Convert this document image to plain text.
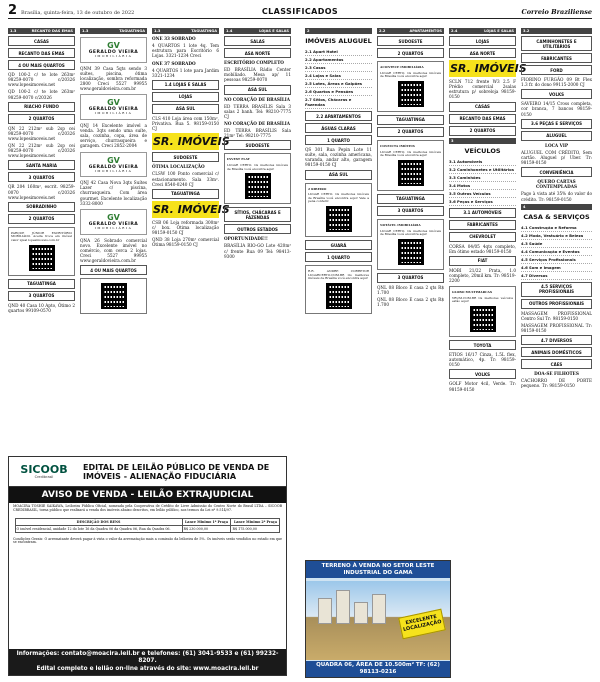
2 Brasília, quinta-feira, 13 de outubro de 2022	CLASSIFICADOS	Correio Braziliense
1.3	RECANTO DAS EMAS
CASAS
RECANTO DAS EMAS
4 OU MAIS QUARTOS

QD 100-2 c/ te lote 263m² 98259-0070 c/20326 www.lopesimoveis.net

QD 100-2 c/ te lote 263m² 98259-0070 c/20326

RIACHO FUNDO
2 QUARTOS

QN 22 212m² sub 2sp cei 98259-0070 c/20326 www.lopesimoveis.net

QN 22 212m² sub 2sp cei 98259-0070 c/20326 www.lopesimoveis.net

SANTA MARIA
3 QUARTOS

QR 204 160m², escrit. 98259-0070 c/20326 www.lopesimoveis.net

SOBRADINHO
2 QUARTOS

PARQUE JÚNIOR ESCRITÓRIO MOBILIÁDO. Aceita troca em imóvel valor igual lopesimoveis.com.br

TAGUATINGA
3 QUARTOS

QND 40 Casa 10 Apto, Ótimo 2 quartos 99109-0570

1.3	TAGUATINGA
GV
GERALDO VIEIRA
IMOBILIÁRIA

QNM 39 Casa 5qts sendo 3 suítes, piscina, ótima localização, sombra reformada 2800 Creci 5527 99955 www.geraldovieira.com.br

GV
GERALDO VIEIRA
IMOBILIÁRIA

QNJ 14 Excelente imóvel a venda. 3qts sendo uma suíte, sala, cozinha, copa, área de serviço, churrasqueira e garagem. Creci 2852-2004

GV
GERALDO VIEIRA
IMOBILIÁRIA

QNJ 42 Casa Nova 3qts Suítes Lazer c/ piscina, churrasqueira. Com área gourmet. Excelente localização 3332-8000

GV
GERALDO VIEIRA
IMOBILIÁRIA

QNA 26 Sobrado comercial novo. Excelente imóvel no comércio, com cerca 2 lojas. Creci 5527 99955 www.geraldovieira.com.br

4 OU MAIS QUARTOS
1.3	TAGUATINGA

ONE 33 SOBRADO

4 QUARTOS 1 lote 4q. Tem estrutura para Escritório 6 Lojas. 3321-1234 Creci

ONE 37 SOBRADO

4 QUARTOS 1 lote para Jardim 3321-1234

1.4 LOJAS E SALAS
LOJAS
ASA SUL

CLS 410 Loja área com 150m², Privativa. Rua 5. 98159-0150 CJ

SR. IMÓVEIS
SUDOESTE

ÓTIMA LOCALIZAÇÃO

CLSW 100 Ponto comercial c/ estacionamento. Sala 33m². Creci 8540-0240 CJ

TAGUATINGA
SR. IMÓVEIS

CSB 06 Loja reformada 300m² c/ box. Ótima localização 98159-0150 CJ

QND 38 Loja 270m² comercial Ótima 98159-0150 CJ

1.4	LOJAS E SALAS
SALAS
ASA NORTE

ESCRITÓRIO COMPLETO

ED BRASÍLIA Rádio Center mobiliado. Mesa ap/ 11 pessoas 98259-0070

ASA SUL

NO CORAÇÃO DE BRASÍLIA

ED TERRA BRASÍLIS Sala 3 salas 2 banh. Tel: 98210-7775 CJ

NO CORAÇÃO DE BRASÍLIA

ED TERRA BRASÍLIS Sala 21m² Tel: 98210-7775

SUDOESTE

INVEST FLAT

LUGAR CERTO. Os melhores imóveis de Brasília você encontra aqui!

SÍTIOS, CHÁCARAS E FAZENDAS
OUTROS ESTADOS

OPORTUNIDADE!!

BRASÍLIA RIO-GO Lote 420m² c/ frente Rua 09 Tel: 98413-9300

2
IMÓVEIS ALUGUEL
2.1 Apart Hotel
2.2 Apartamentos
2.3 Casas
2.4 Lojas e Salas
2.5 Lotes, Áreas e Galpões
2.6 Quartos e Pensões
2.7 Sítios, Chácaras e Fazendas
2.2 APARTAMENTOS
ÁGUAS CLARAS
1 QUARTO

QS 301 Rua Pepin Lote 11 suíte, sala, cozinha americana, varanda, andar alto, garagem 98159-0150 CJ

ASA SUL

2 RIBEIRO

LUGAR CERTO. Os melhores imóveis de Brasília você encontra aqui! Vale a pena conferir.

GUARÁ
1 QUARTO

R.R. ANDRE CORRETOR LUGARCERTO.COM.BR Os melhores imóveis de Brasília você encontra aqui!

2.2	APARTAMENTOS
SUDOESTE
2 QUARTOS

ACONTECE IMOBILIÁRIA

LUGAR CERTO. Os melhores imóveis de Brasília você encontra aqui!

TAGUATINGA
2 QUARTOS

CONVICTA IMÓVEIS

LUGAR CERTO. Os melhores imóveis de Brasília você encontra aqui!

TAGUATINGA
3 QUARTOS

NOTÁVEL IMOBILIÁRIA

LUGAR CERTO. Os melhores imóveis de Brasília você encontra aqui!

3 QUARTOS

QNL 08 Bloco E casa 2 qts R$ 1.700

QNL 08 Bloco E casa 2 qts R$ 1.700

2.4	LOJAS E SALAS
LOJAS
ASA NORTE
SR. IMÓVEIS

SCLN 712 frente W3 2.5 F Prédio comercial 2salas estrutura p/ sobreloja 98159-0150

CASAS
RECANTO DAS EMAS
2 QUARTOS
3
VEÍCULOS
3.1 Automóveis
3.2 Caminhonetes e Utilitários
3.3 Caminhões
3.4 Motos
3.5 Outros Veículos
3.6 Peças e Serviços
3.1 AUTOMÓVEIS
FABRICANTES
CHEVROLET

CORSA 04/05 4qts completo, Em ótimo estado 98159-0150

FIAT

MOBI 21/22 Prata, 1.0 completo, 20mil km. Tr: 98519-2200

GLOBO MULTIMARCAS

VRUM.COM.BR Os melhores veículos estão aqui!

TOYOTA

ETIOS 16/17 Cinza, 1.5L flex, automático, 4p. Tr: 98159-0150

VOLKS

GOLF Motor 4cil, Verde. Tr: 98159-0150

3.2
CAMINHONETES E UTILITÁRIOS
FABRICANTES
FORD

FIORINO FURGÃO 09 Bt Flex 1.3 fr. do dono 99115-2000 CJ

VOLKS

SAVEIRO 14/15 Cross completa, cor branca, 7 bancos 98159-0150

3.6 PEÇAS E SERVIÇOS
ALUGUEL

LOCA VIP

ALUGUEL COM CRÉDITO, Sem cartão. Aluguel p/ Uber. Tr: 98159-0150

CONVENIÊNCIA

QUERO CARTAS CONTEMPLADAS

Pago à vista até 35% do valor do crédito. Tr: 98159-0150

4
CASA & SERVIÇOS
4.1 Construção e Reforma
4.2 Moda, Vestuário e Beleza
4.3 Saúde
4.4 Comunicação e Eventos
4.5 Serviços Profissionais
4.6 Som e Imagem
4.7 Diversos
4.5 SERVIÇOS PROFISSIONAIS
OUTROS PROFISSIONAIS

MASSAGEM PROFISSIONAL Centro Sul Tr: 98159-0150

MASSAGEM PROFISSIONAL Tr: 98159-0150

4.7 DIVERSOS
ANIMAIS DOMÉSTICOS
CÃES

DOA-SE FILHOTES

CACHORRO DE PORTE pequeno. Tr: 98159-0150

SICOOB
Credibrasil
EDITAL DE LEILÃO PÚBLICO DE VENDA DE IMÓVEIS - ALIENAÇÃO FIDUCIÁRIA
AVISO DE VENDA - LEILÃO EXTRAJUDICIAL

MOACIRA TOSHIE SAIKAWA, Leiloeira Pública Oficial, nomeada pela Cooperativa de Crédito de Livre Admissão do Centro Norte do Brasil LTDA – SICOOB CREDIBRASIL, torna público que realizará a venda dos imóveis abaixo descritos, em leilão público, nos termos da Lei nº 9.514/97.

DESCRIÇÃO DOS BENS	Lance Mínimo 1ª Praça	Lance Mínimo 2ª Praça
O imóvel residencial, unidade 12 do lote 16 da Quadra 06 da Quadra 06, Rua da Quadra 06.	R$ 230.000,00	R$ 175.000,00

Condições Gerais: O arrematante deverá pagar à vista o valor da arrematação mais a comissão da leiloeira de 5%. Os imóveis serão vendidos no estado em que se encontram.

Informações: contato@moacira.leil.br e telefones: (61) 3041-9533 e (61) 99232-8207.
Edital completo e leilão on-line através do site: www.moacira.leil.br
TERRENO À VENDA NO SETOR LESTE INDUSTRIAL DO GAMA
EXCELENTE LOCALIZAÇÃO
QUADRA 06, ÁREA DE 10.500m² TF: (62) 98113-0216
